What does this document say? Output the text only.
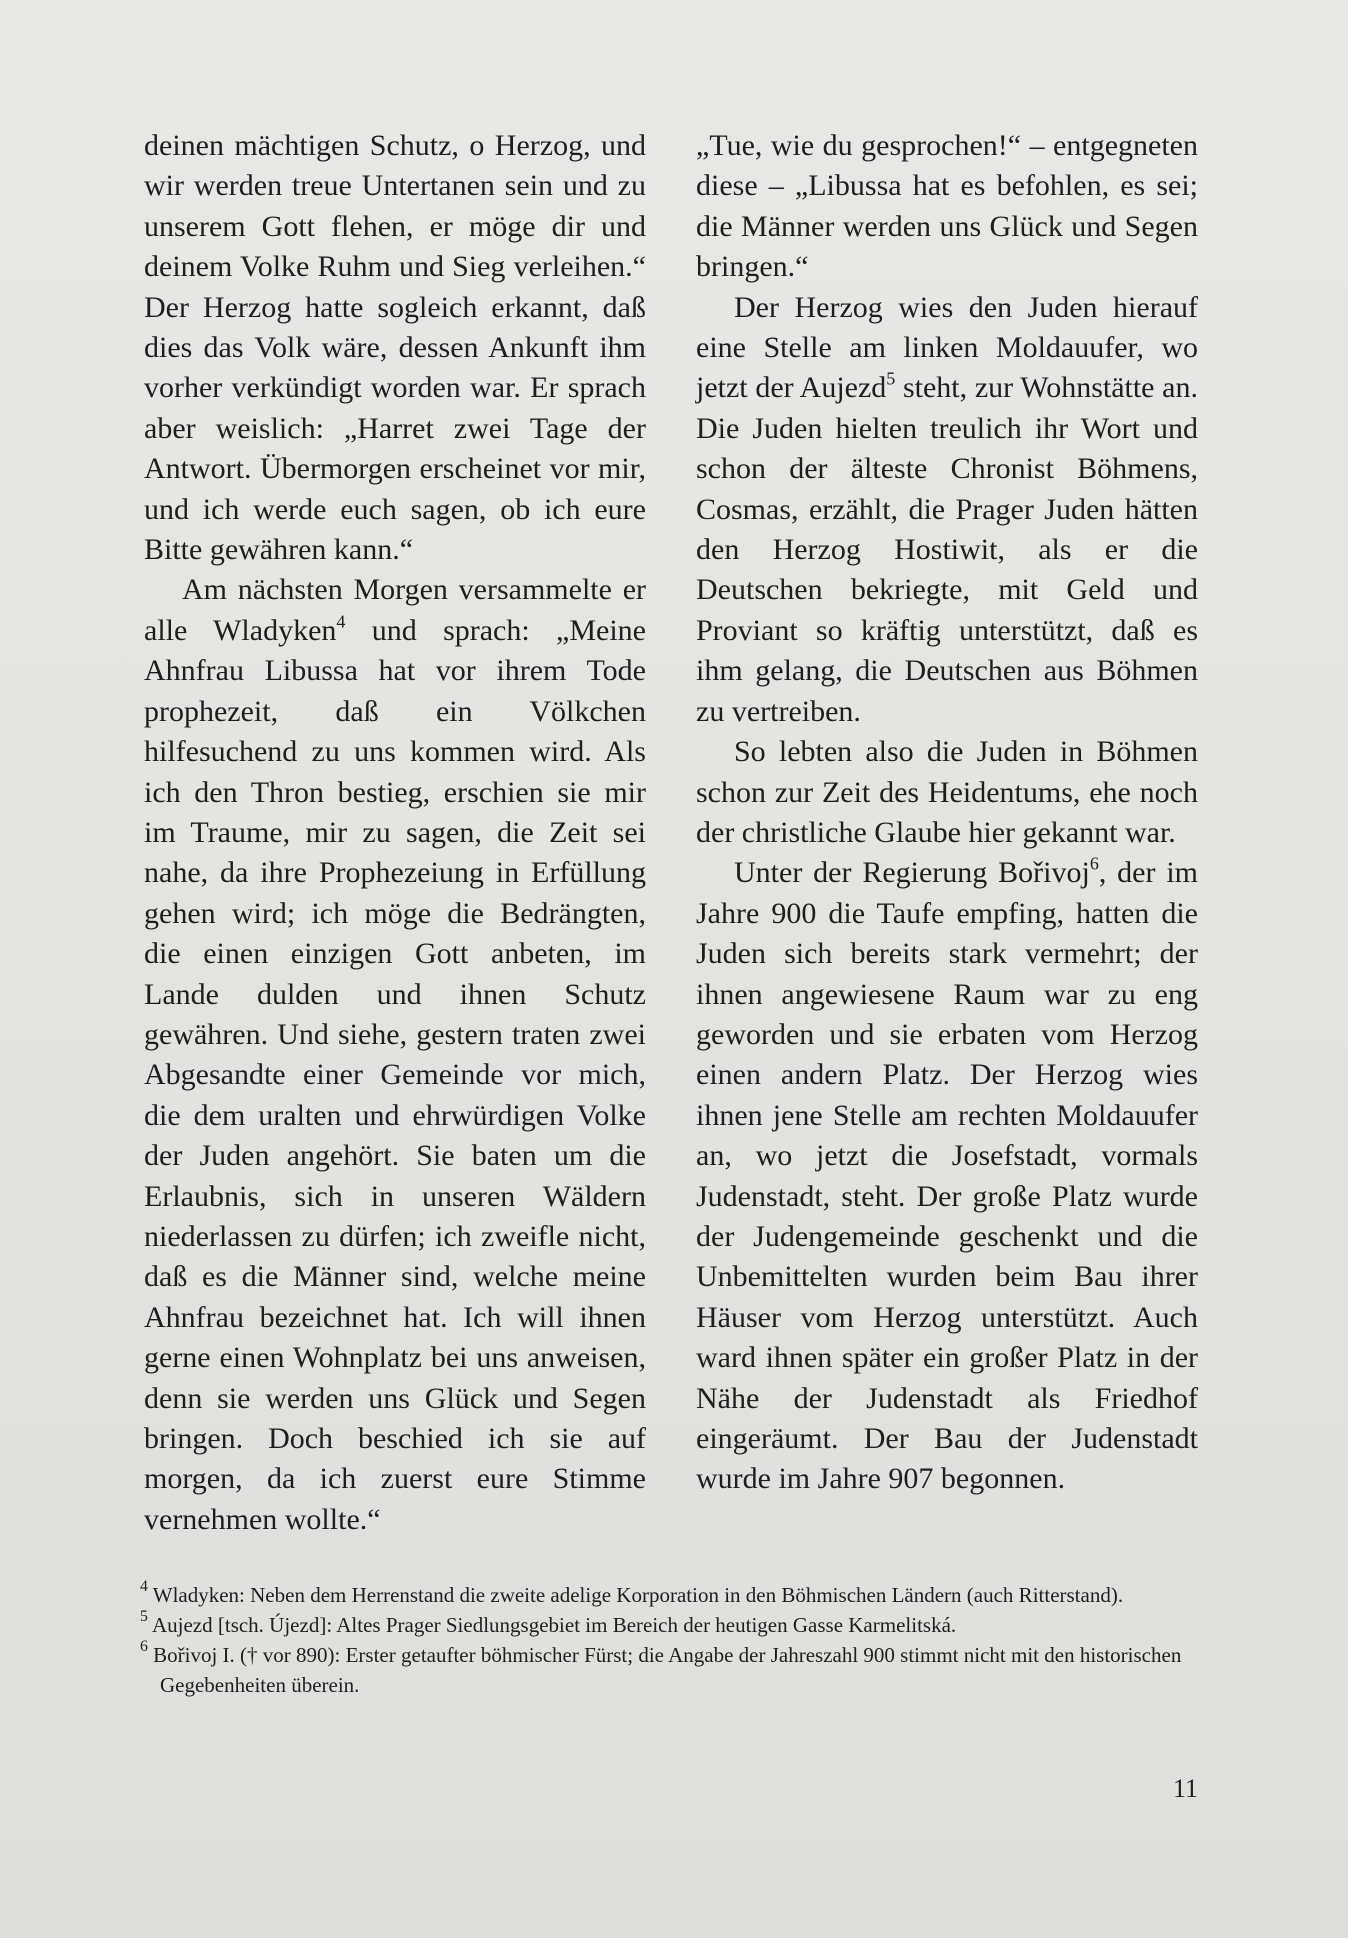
deinen mächtigen Schutz, o Herzog, und wir werden treue Untertanen sein und zu unserem Gott flehen, er möge dir und deinem Volke Ruhm und Sieg verleihen.“ Der Herzog hatte sogleich erkannt, daß dies das Volk wäre, dessen Ankunft ihm vorher verkündigt worden war. Er sprach aber weislich: „Harret zwei Tage der Antwort. Übermorgen erscheinet vor mir, und ich werde euch sagen, ob ich eure Bitte gewähren kann.“

Am nächsten Morgen versammelte er alle Wladyken$^4$ und sprach: „Meine Ahnfrau Libussa hat vor ihrem Tode prophezeit, daß ein Völkchen hilfesuchend zu uns kommen wird. Als ich den Thron bestieg, erschien sie mir im Traume, mir zu sagen, die Zeit sei nahe, da ihre Prophezeiung in Erfüllung gehen wird; ich möge die Bedrängten, die einen einzigen Gott anbeten, im Lande dulden und ihnen Schutz gewähren. Und siehe, gestern traten zwei Abgesandte einer Gemeinde vor mich, die dem uralten und ehrwürdigen Volke der Juden angehört. Sie baten um die Erlaubnis, sich in unseren Wäldern niederlassen zu dürfen; ich zweifle nicht, daß es die Männer sind, welche meine Ahnfrau bezeichnet hat. Ich will ihnen gerne einen Wohnplatz bei uns anweisen, denn sie werden uns Glück und Segen bringen. Doch beschied ich sie auf morgen, da ich zuerst eure Stimme vernehmen wollte.“

„Tue, wie du gesprochen!“ – entgegneten diese – „Libussa hat es befohlen, es sei; die Männer werden uns Glück und Segen bringen.“

Der Herzog wies den Juden hierauf eine Stelle am linken Moldauufer, wo jetzt der Aujezd$^5$ steht, zur Wohnstätte an. Die Juden hielten treulich ihr Wort und schon der älteste Chronist Böhmens, Cosmas, erzählt, die Prager Juden hätten den Herzog Hostiwit, als er die Deutschen bekriegte, mit Geld und Proviant so kräftig unterstützt, daß es ihm gelang, die Deutschen aus Böhmen zu vertreiben.

So lebten also die Juden in Böhmen schon zur Zeit des Heidentums, ehe noch der christliche Glaube hier gekannt war.

Unter der Regierung Bořivoj$^6$, der im Jahre 900 die Taufe empfing, hatten die Juden sich bereits stark vermehrt; der ihnen angewiesene Raum war zu eng geworden und sie erbaten vom Herzog einen andern Platz. Der Herzog wies ihnen jene Stelle am rechten Moldauufer an, wo jetzt die Josefstadt, vormals Judenstadt, steht. Der große Platz wurde der Judengemeinde geschenkt und die Unbemittelten wurden beim Bau ihrer Häuser vom Herzog unterstützt. Auch ward ihnen später ein großer Platz in der Nähe der Judenstadt als Friedhof eingeräumt. Der Bau der Judenstadt wurde im Jahre 907 begonnen.

$^4$ Wladyken: Neben dem Herrenstand die zweite adelige Korporation in den Böhmischen Ländern (auch Ritterstand).

$^5$ Aujezd [tsch. Újezd]: Altes Prager Siedlungsgebiet im Bereich der heutigen Gasse Karmelitská.

$^6$ Bořivoj I. († vor 890): Erster getaufter böhmischer Fürst; die Angabe der Jahreszahl 900 stimmt nicht mit den historischen Gegebenheiten überein.

11
